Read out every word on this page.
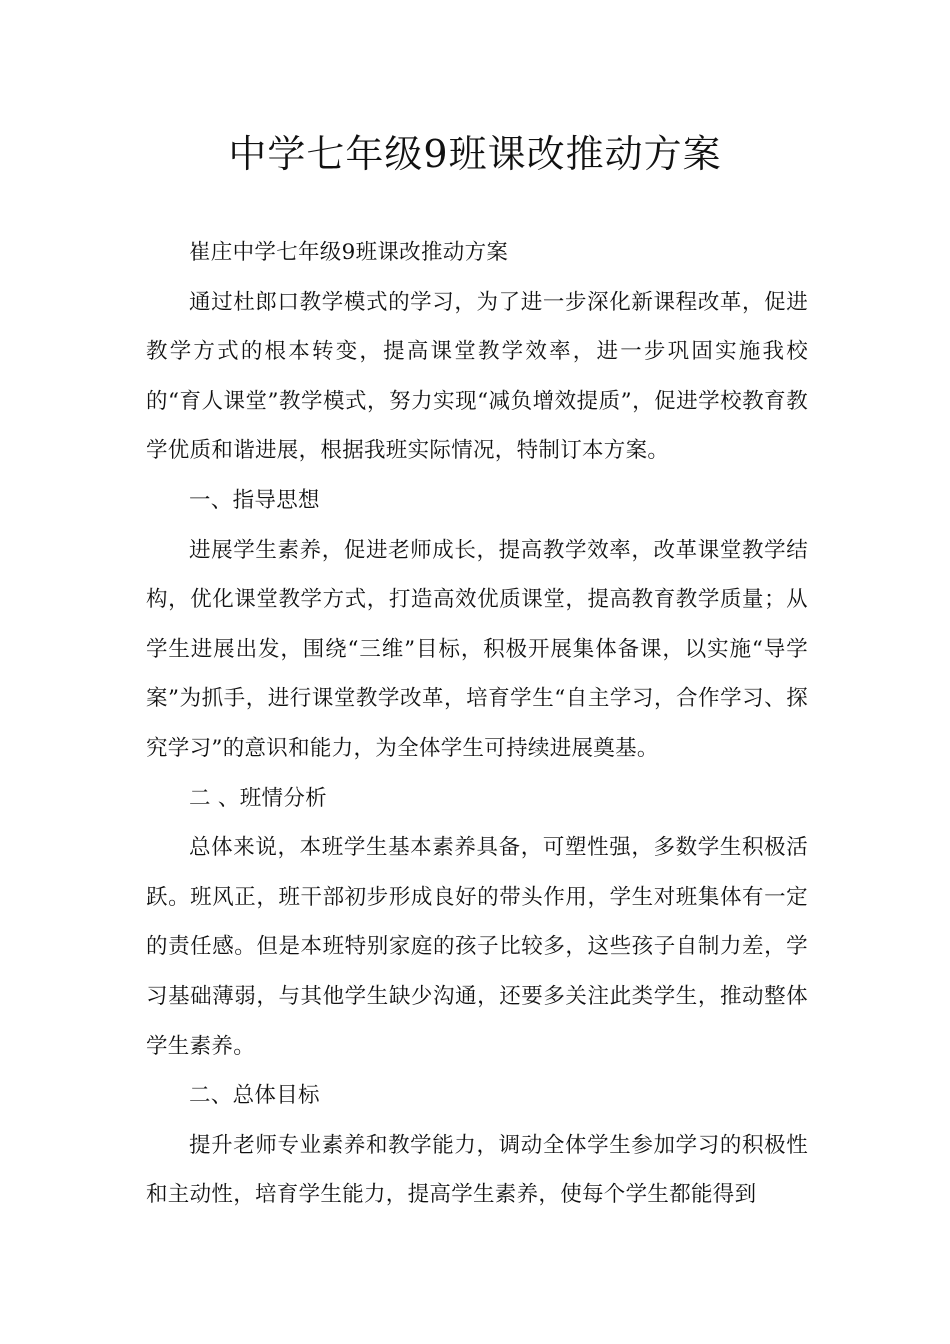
中学七年级9班课改推动方案

崔庄中学七年级9班课改推动方案

通过杜郎口教学模式的学习，为了进一步深化新课程改革，促进教学方式的根本转变，提高课堂教学效率，进一步巩固实施我校的“育人课堂”教学模式，努力实现“减负增效提质”，促进学校教育教学优质和谐进展，根据我班实际情况，特制订本方案。

一、指导思想

进展学生素养，促进老师成长，提高教学效率，改革课堂教学结构，优化课堂教学方式，打造高效优质课堂，提高教育教学质量；从学生进展出发，围绕“三维”目标，积极开展集体备课，以实施“导学案”为抓手，进行课堂教学改革，培育学生“自主学习，合作学习、探究学习”的意识和能力，为全体学生可持续进展奠基。

二 、班情分析

总体来说，本班学生基本素养具备，可塑性强，多数学生积极活跃。班风正，班干部初步形成良好的带头作用，学生对班集体有一定的责任感。但是本班特别家庭的孩子比较多，这些孩子自制力差，学习基础薄弱，与其他学生缺少沟通，还要多关注此类学生，推动整体学生素养。

二、总体目标

提升老师专业素养和教学能力，调动全体学生参加学习的积极性和主动性，培育学生能力，提高学生素养，使每个学生都能得到
